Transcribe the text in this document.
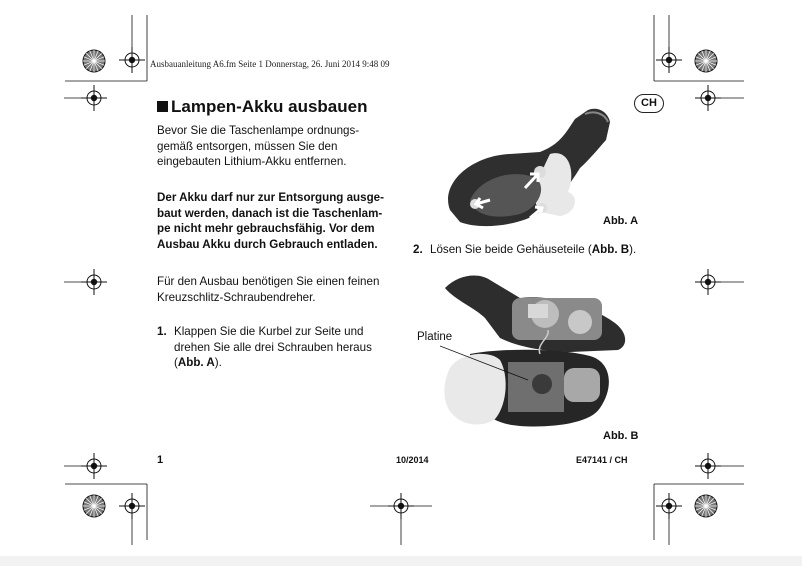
Ausbauanleitung A6.fm Seite 1 Donnerstag, 26. Juni 2014 9:48 09
CH
Lampen-Akku ausbauen
Bevor Sie die Taschenlampe ordnungs-
gemäß entsorgen, müssen Sie den
eingebauten Lithium-Akku entfernen.
Der Akku darf nur zur Entsorgung ausge-
baut werden, danach ist die Taschenlam-
pe nicht mehr gebrauchsfähig. Vor dem
Ausbau Akku durch Gebrauch entladen.
Für den Ausbau benötigen Sie einen feinen
Kreuzschlitz-Schraubendreher.
1. Klappen Sie die Kurbel zur Seite und
drehen Sie alle drei Schrauben heraus
(Abb. A).
2. Lösen Sie beide Gehäuseteile (Abb. B).
Abb. A
Platine
Abb. B
1	10/2014	E47141 / CH
